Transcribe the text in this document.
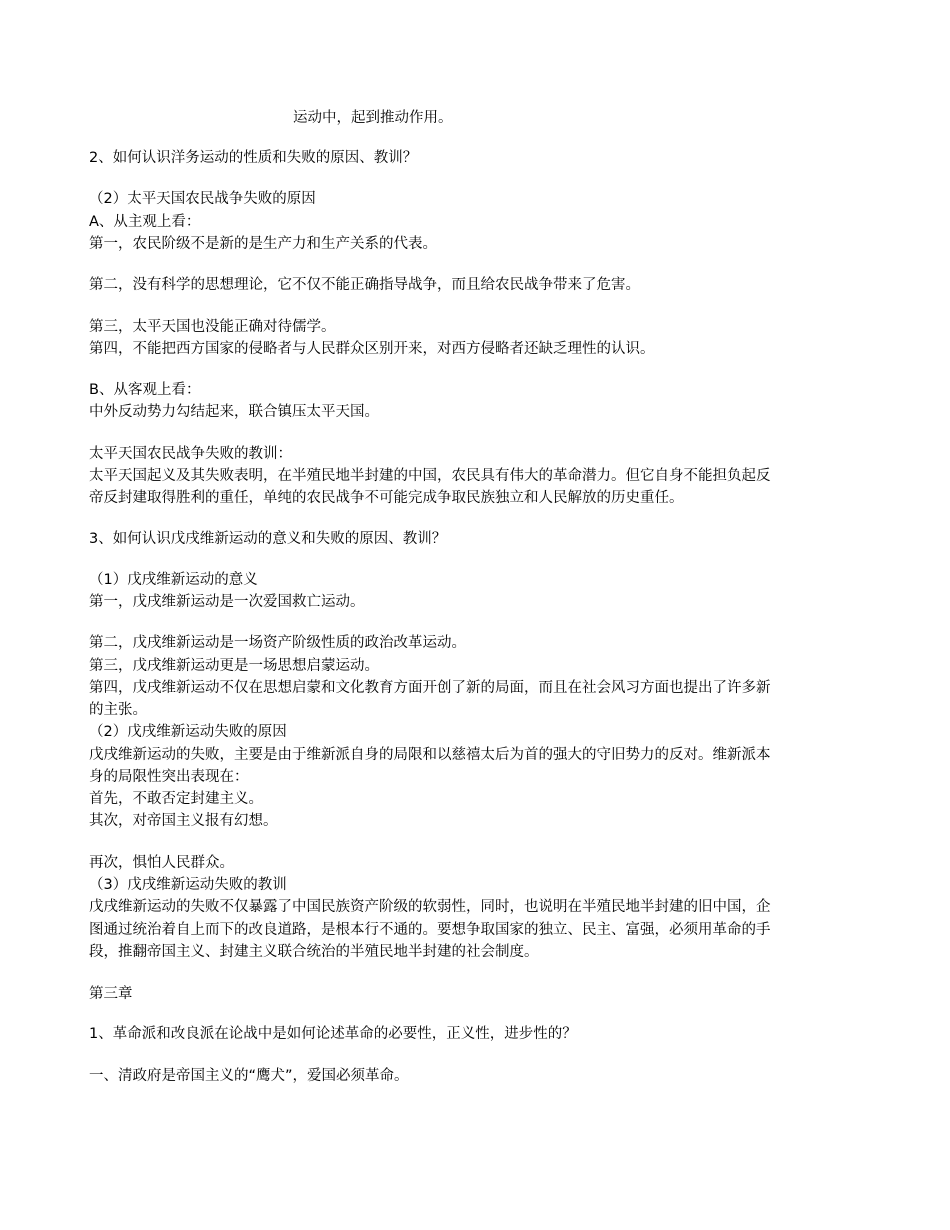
运动中，起到推动作用。
2、如何认识洋务运动的性质和失败的原因、教训？
（2）太平天国农民战争失败的原因
A、从主观上看：
第一，农民阶级不是新的是生产力和生产关系的代表。
第二，没有科学的思想理论，它不仅不能正确指导战争，而且给农民战争带来了危害。
第三，太平天国也没能正确对待儒学。
第四，不能把西方国家的侵略者与人民群众区别开来，对西方侵略者还缺乏理性的认识。
B、从客观上看：
中外反动势力勾结起来，联合镇压太平天国。
太平天国农民战争失败的教训：
太平天国起义及其失败表明，在半殖民地半封建的中国，农民具有伟大的革命潜力。但它自身不能担负起反
帝反封建取得胜利的重任，单纯的农民战争不可能完成争取民族独立和人民解放的历史重任。
3、如何认识戊戌维新运动的意义和失败的原因、教训？
（1）戊戌维新运动的意义
第一，戊戌维新运动是一次爱国救亡运动。
第二，戊戌维新运动是一场资产阶级性质的政治改革运动。
第三，戊戌维新运动更是一场思想启蒙运动。
第四，戊戌维新运动不仅在思想启蒙和文化教育方面开创了新的局面，而且在社会风习方面也提出了许多新
的主张。
（2）戊戌维新运动失败的原因
戊戌维新运动的失败，主要是由于维新派自身的局限和以慈禧太后为首的强大的守旧势力的反对。维新派本
身的局限性突出表现在：
首先，不敢否定封建主义。
其次，对帝国主义报有幻想。
再次，惧怕人民群众。
（3）戊戌维新运动失败的教训
戊戌维新运动的失败不仅暴露了中国民族资产阶级的软弱性，同时，也说明在半殖民地半封建的旧中国，企
图通过统治着自上而下的改良道路，是根本行不通的。要想争取国家的独立、民主、富强，必须用革命的手
段，推翻帝国主义、封建主义联合统治的半殖民地半封建的社会制度。
第三章
1、革命派和改良派在论战中是如何论述革命的必要性，正义性，进步性的？
一、清政府是帝国主义的“鹰犬”，爱国必须革命。
